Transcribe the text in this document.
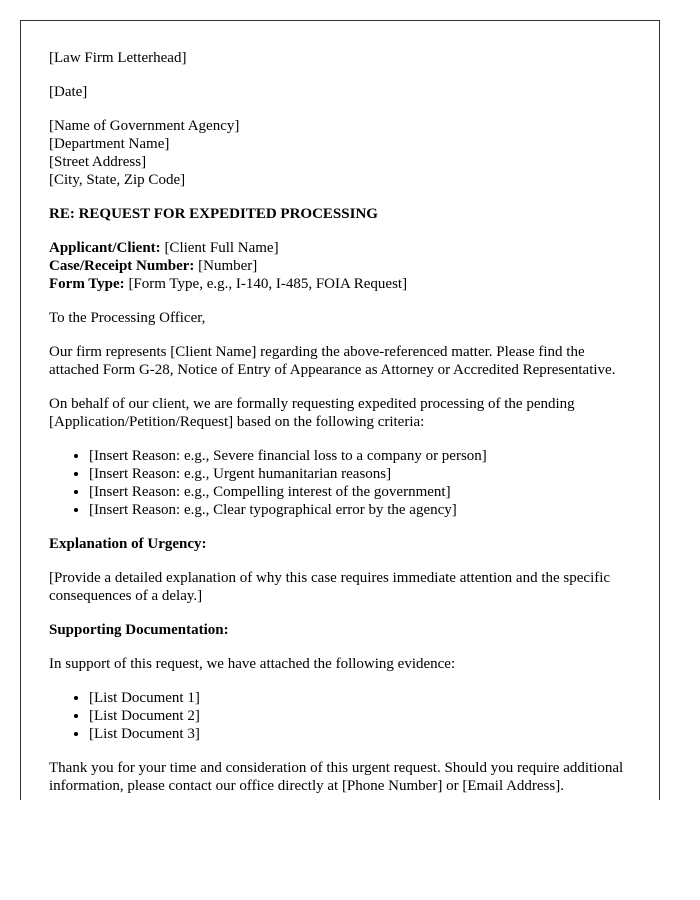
[Law Firm Letterhead]

[Date]

[Name of Government Agency]
[Department Name]
[Street Address]
[City, State, Zip Code]

RE: REQUEST FOR EXPEDITED PROCESSING

Applicant/Client: [Client Full Name]
Case/Receipt Number: [Number]
Form Type: [Form Type, e.g., I-140, I-485, FOIA Request]

To the Processing Officer,

Our firm represents [Client Name] regarding the above-referenced matter. Please find the attached Form G-28, Notice of Entry of Appearance as Attorney or Accredited Representative.

On behalf of our client, we are formally requesting expedited processing of the pending [Application/Petition/Request] based on the following criteria:

• [Insert Reason: e.g., Severe financial loss to a company or person]
• [Insert Reason: e.g., Urgent humanitarian reasons]
• [Insert Reason: e.g., Compelling interest of the government]
• [Insert Reason: e.g., Clear typographical error by the agency]

Explanation of Urgency:

[Provide a detailed explanation of why this case requires immediate attention and the specific consequences of a delay.]

Supporting Documentation:

In support of this request, we have attached the following evidence:

• [List Document 1]
• [List Document 2]
• [List Document 3]

Thank you for your time and consideration of this urgent request. Should you require additional information, please contact our office directly at [Phone Number] or [Email Address].
